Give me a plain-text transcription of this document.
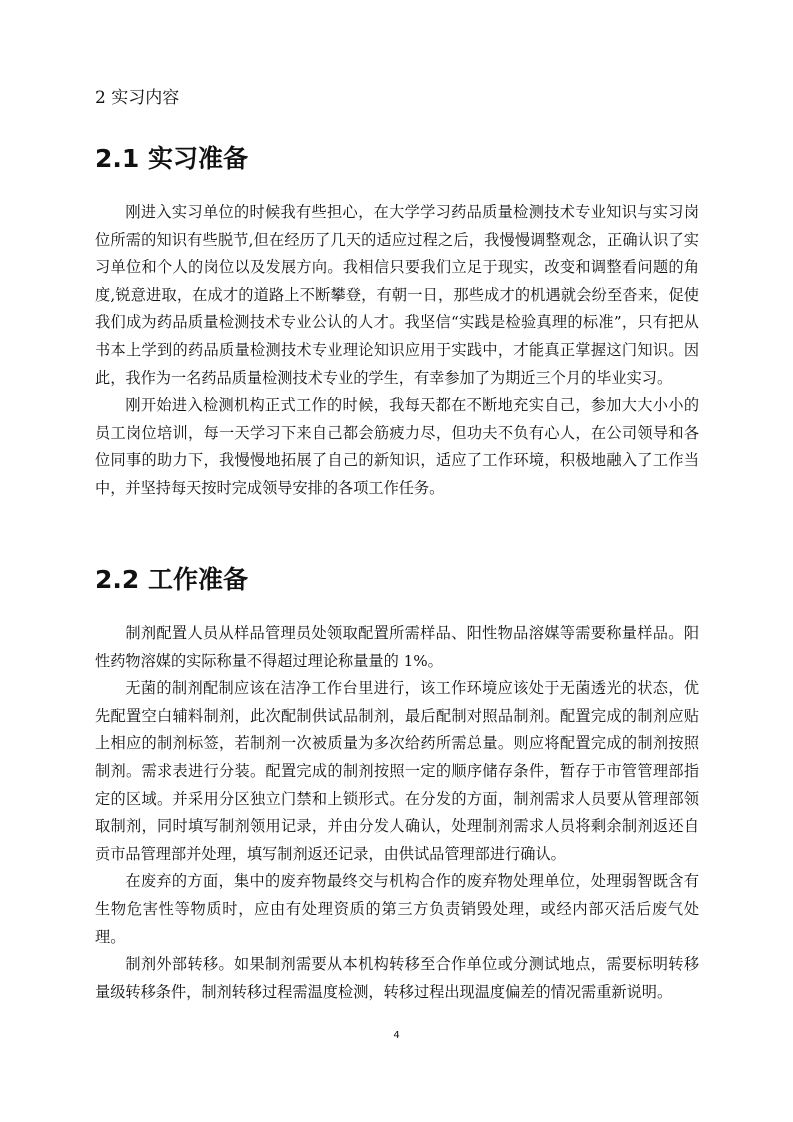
2 实习内容
2.1 实习准备

刚进入实习单位的时候我有些担心，在大学学习药品质量检测技术专业知识与实习岗位所需的知识有些脱节,但在经历了几天的适应过程之后，我慢慢调整观念，正确认识了实习单位和个人的岗位以及发展方向。我相信只要我们立足于现实，改变和调整看问题的角度,锐意进取，在成才的道路上不断攀登，有朝一日，那些成才的机遇就会纷至沓来，促使我们成为药品质量检测技术专业公认的人才。我坚信“实践是检验真理的标准”，只有把从书本上学到的药品质量检测技术专业理论知识应用于实践中，才能真正掌握这门知识。因此，我作为一名药品质量检测技术专业的学生，有幸参加了为期近三个月的毕业实习。

刚开始进入检测机构正式工作的时候，我每天都在不断地充实自己，参加大大小小的员工岗位培训，每一天学习下来自己都会筋疲力尽，但功夫不负有心人，在公司领导和各位同事的助力下，我慢慢地拓展了自己的新知识，适应了工作环境，积极地融入了工作当中，并坚持每天按时完成领导安排的各项工作任务。

2.2 工作准备

制剂配置人员从样品管理员处领取配置所需样品、阳性物品溶媒等需要称量样品。阳性药物溶媒的实际称量不得超过理论称量量的 1%。

无菌的制剂配制应该在洁净工作台里进行，该工作环境应该处于无菌透光的状态，优先配置空白辅料制剂，此次配制供试品制剂，最后配制对照品制剂。配置完成的制剂应贴上相应的制剂标签，若制剂一次被质量为多次给药所需总量。则应将配置完成的制剂按照制剂。需求表进行分装。配置完成的制剂按照一定的顺序储存条件，暂存于市管管理部指定的区域。并采用分区独立门禁和上锁形式。在分发的方面，制剂需求人员要从管理部领取制剂，同时填写制剂领用记录，并由分发人确认，处理制剂需求人员将剩余制剂返还自贡市品管理部并处理，填写制剂返还记录，由供试品管理部进行确认。

在废弃的方面，集中的废弃物最终交与机构合作的废弃物处理单位，处理弱智既含有生物危害性等物质时，应由有处理资质的第三方负责销毁处理，或经内部灭活后废气处理。

制剂外部转移。如果制剂需要从本机构转移至合作单位或分测试地点，需要标明转移量级转移条件，制剂转移过程需温度检测，转移过程出现温度偏差的情况需重新说明。

4
